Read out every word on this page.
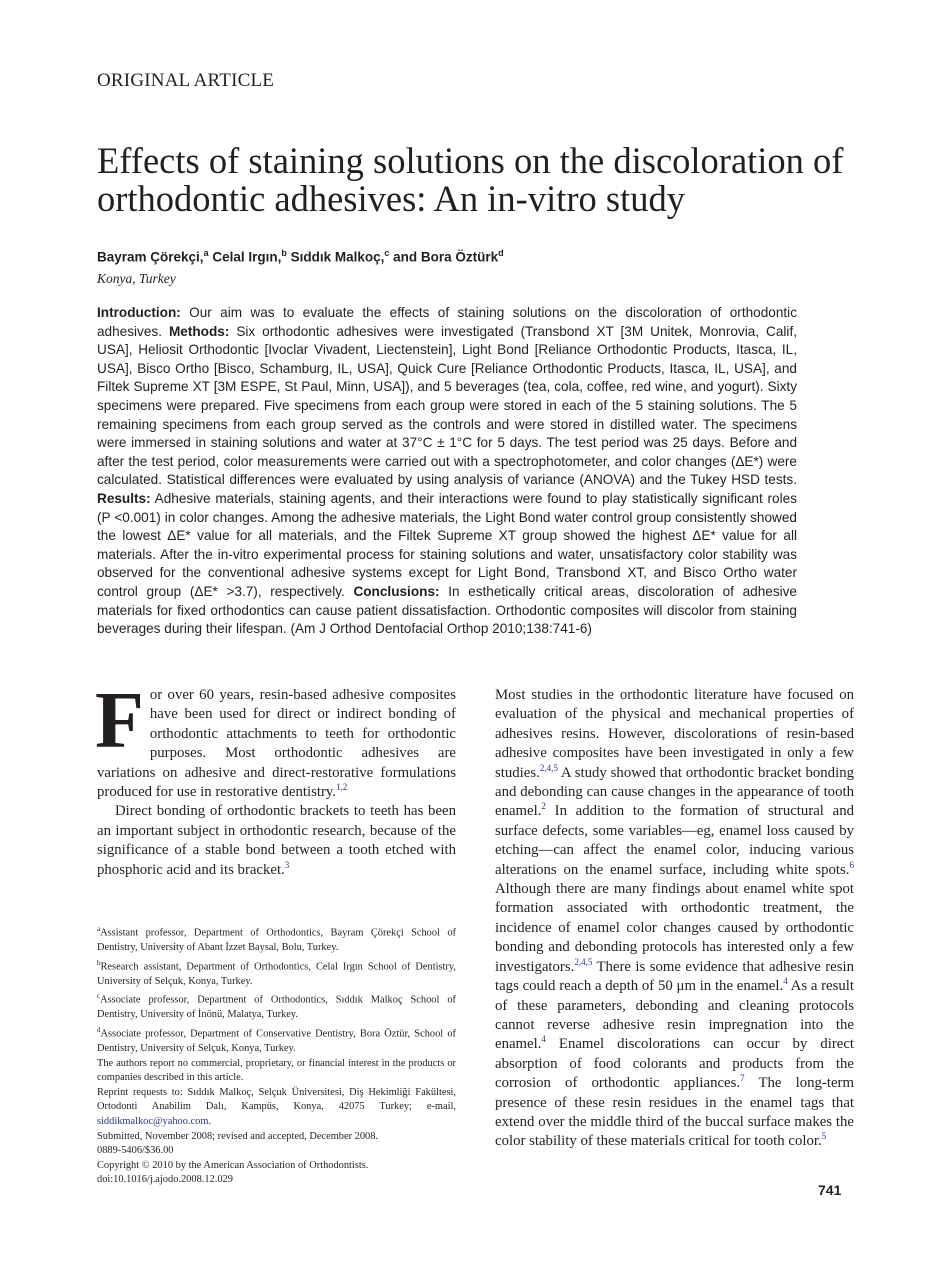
ORIGINAL ARTICLE
Effects of staining solutions on the discoloration of orthodontic adhesives: An in-vitro study
Bayram Çörekçi,$^a$ Celal Irgın,$^b$ Sıddık Malkoç,$^c$ and Bora Öztürk$^d$
Konya, Turkey
Introduction: Our aim was to evaluate the effects of staining solutions on the discoloration of orthodontic adhesives. Methods: Six orthodontic adhesives were investigated (Transbond XT [3M Unitek, Monrovia, Calif, USA], Heliosit Orthodontic [Ivoclar Vivadent, Liectenstein], Light Bond [Reliance Orthodontic Products, Itasca, IL, USA], Bisco Ortho [Bisco, Schamburg, IL, USA], Quick Cure [Reliance Orthodontic Products, Itasca, IL, USA], and Filtek Supreme XT [3M ESPE, St Paul, Minn, USA]), and 5 beverages (tea, cola, coffee, red wine, and yogurt). Sixty specimens were prepared. Five specimens from each group were stored in each of the 5 staining solutions. The 5 remaining specimens from each group served as the controls and were stored in distilled water. The specimens were immersed in staining solutions and water at 37°C ± 1°C for 5 days. The test period was 25 days. Before and after the test period, color measurements were carried out with a spectrophotometer, and color changes (ΔE*) were calculated. Statistical differences were evaluated by using analysis of variance (ANOVA) and the Tukey HSD tests. Results: Adhesive materials, staining agents, and their interactions were found to play statistically significant roles (P <0.001) in color changes. Among the adhesive materials, the Light Bond water control group consistently showed the lowest ΔE* value for all materials, and the Filtek Supreme XT group showed the highest ΔE* value for all materials. After the in-vitro experimental process for staining solutions and water, unsatisfactory color stability was observed for the conventional adhesive systems except for Light Bond, Transbond XT, and Bisco Ortho water control group (ΔE* >3.7), respectively. Conclusions: In esthetically critical areas, discoloration of adhesive materials for fixed orthodontics can cause patient dissatisfaction. Orthodontic composites will discolor from staining beverages during their lifespan. (Am J Orthod Dentofacial Orthop 2010;138:741-6)

For over 60 years, resin-based adhesive composites have been used for direct or indirect bonding of orthodontic attachments to teeth for orthodontic purposes. Most orthodontic adhesives are variations on adhesive and direct-restorative formulations produced for use in restorative dentistry.$^{1,2}$

Direct bonding of orthodontic brackets to teeth has been an important subject in orthodontic research, because of the significance of a stable bond between a tooth etched with phosphoric acid and its bracket.$^3$

Most studies in the orthodontic literature have focused on evaluation of the physical and mechanical properties of adhesives resins. However, discolorations of resin-based adhesive composites have been investigated in only a few studies.$^{2,4,5}$ A study showed that orthodontic bracket bonding and debonding can cause changes in the appearance of tooth enamel.$^2$ In addition to the formation of structural and surface defects, some variables—eg, enamel loss caused by etching—can affect the enamel color, inducing various alterations on the enamel surface, including white spots.$^6$ Although there are many findings about enamel white spot formation associated with orthodontic treatment, the incidence of enamel color changes caused by orthodontic bonding and debonding protocols has interested only a few investigators.$^{2,4,5}$ There is some evidence that adhesive resin tags could reach a depth of 50 μm in the enamel.$^4$ As a result of these parameters, debonding and cleaning protocols cannot reverse adhesive resin impregnation into the enamel.$^4$ Enamel discolorations can occur by direct absorption of food colorants and products from the corrosion of orthodontic appliances.$^7$ The long-term presence of these resin residues in the enamel tags that extend over the middle third of the buccal surface makes the color stability of these materials critical for tooth color.$^5$

$^a$Assistant professor, Department of Orthodontics, Bayram Çörekçi School of Dentistry, University of Abant İzzet Baysal, Bolu, Turkey.
$^b$Research assistant, Department of Orthodontics, Celal Irgın School of Dentistry, University of Selçuk, Konya, Turkey.
$^c$Associate professor, Department of Orthodontics, Sıddık Malkoç School of Dentistry, University of İnönü, Malatya, Turkey.
$^d$Associate professor, Department of Conservative Dentistry, Bora Öztür, School of Dentistry, University of Selçuk, Konya, Turkey.
The authors report no commercial, proprietary, or financial interest in the products or companies described in this article.
Reprint requests to: Sıddık Malkoç, Selçuk Üniversitesi, Diş Hekimliği Fakültesi, Ortodonti Anabilim Dalı, Kampüs, Konya, 42075 Turkey; e-mail, siddikmalkoc@yahoo.com.
Submitted, November 2008; revised and accepted, December 2008.
0889-5406/$36.00
Copyright © 2010 by the American Association of Orthodontists.
doi:10.1016/j.ajodo.2008.12.029
741
